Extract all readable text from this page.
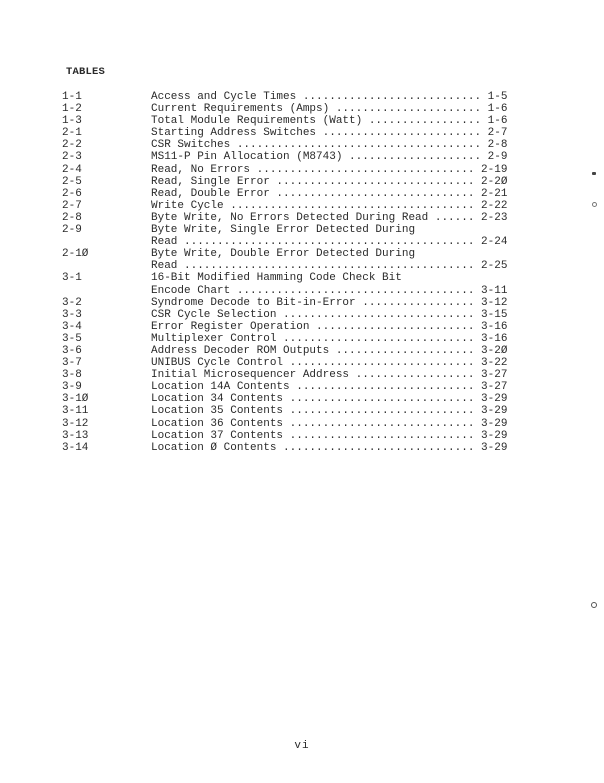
TABLES
1-1	Access and Cycle Times ........................... 1-5
1-2	Current Requirements (Amps) ...................... 1-6
1-3	Total Module Requirements (Watt) ................. 1-6
2-1	Starting Address Switches ........................ 2-7
2-2	CSR Switches ..................................... 2-8
2-3	MS11-P Pin Allocation (M8743) .................... 2-9
2-4	Read, No Errors ................................. 2-19
2-5	Read, Single Error .............................. 2-2Ø
2-6	Read, Double Error .............................. 2-21
2-7	Write Cycle ..................................... 2-22
2-8	Byte Write, No Errors Detected During Read ...... 2-23
2-9	Byte Write, Single Error Detected During
Read ............................................ 2-24
2-1Ø	Byte Write, Double Error Detected During
Read ............................................ 2-25
3-1	16-Bit Modified Hamming Code Check Bit
Encode Chart .................................... 3-11
3-2	Syndrome Decode to Bit-in-Error ................. 3-12
3-3	CSR Cycle Selection ............................. 3-15
3-4	Error Register Operation ........................ 3-16
3-5	Multiplexer Control ............................. 3-16
3-6	Address Decoder ROM Outputs ..................... 3-2Ø
3-7	UNIBUS Cycle Control ............................ 3-22
3-8	Initial Microsequencer Address .................. 3-27
3-9	Location 14A Contents ........................... 3-27
3-1Ø	Location 34 Contents ............................ 3-29
3-11	Location 35 Contents ............................ 3-29
3-12	Location 36 Contents ............................ 3-29
3-13	Location 37 Contents ............................ 3-29
3-14	Location Ø Contents ............................. 3-29
vi
